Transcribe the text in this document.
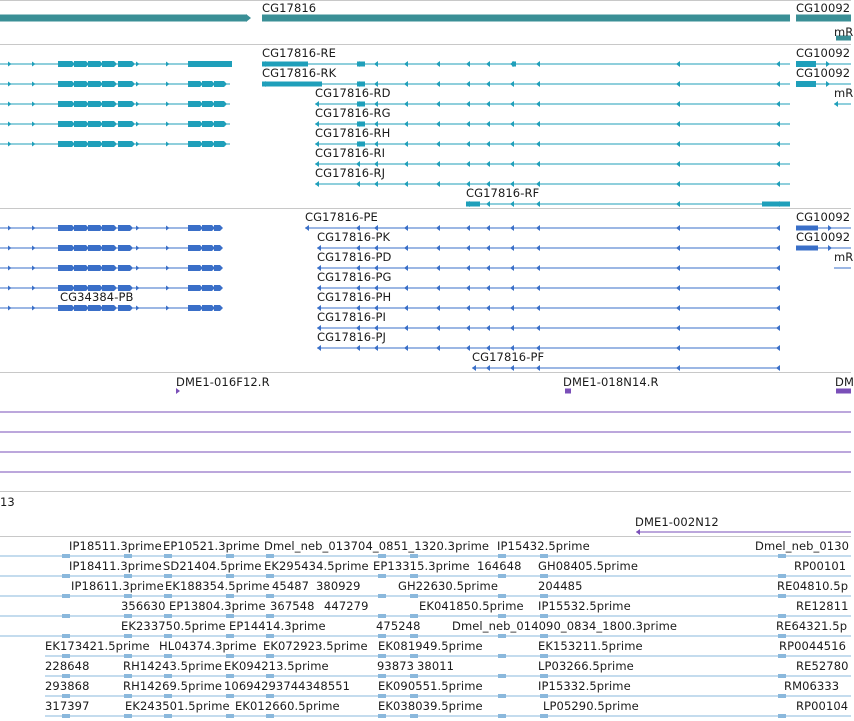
CG17816	CG10092
mR
CG17816-RE
CG17816-RK
CG17816-RD
CG17816-RG
CG17816-RH
CG17816-RI
CG17816-RJ
CG17816-RF
CG10092
CG10092
mR
CG17816-PE
CG17816-PK
CG17816-PD
CG17816-PG
CG17816-PH
CG17816-PI
CG17816-PJ
CG17816-PF
CG34384-PB
CG10092
CG10092
mR
DME1-016F12.R	DME1-018N14.R	DM
13
DME1-002N12
IP18511.3prime EP10521.3prime Dmel_neb_013704_0851_1320.3prime IP15432.5prime	Dmel_neb_0130
IP18411.3prime SD21404.5prime EK295434.5prime EP13315.3prime 164648 GH08405.5prime	RP00101
IP18611.3prime EK188354.5prime 45487 380929	GH22630.5prime	204485	RE04810.5p
356630 EP13804.3prime 367548 447279	EK041850.5prime IP15532.5prime	RE12811
EK233750.5prime EP14414.3prime	475248	Dmel_neb_014090_0834_1800.3prime	RE64321.5p
EK173421.5prime HL04374.3prime EK072923.5prime EK081949.5prime	EK153211.5prime	RP0044516
228648	RH14243.5prime EK094213.5prime	93873 38011	LP03266.5prime	RE52780
293868	RH14269.5prime 10694293744348551 EK090551.5prime	IP15332.5prime	RM06333
317397	EK243501.5prime EK012660.5prime	EK038039.5prime	LP05290.5prime	RP00104
